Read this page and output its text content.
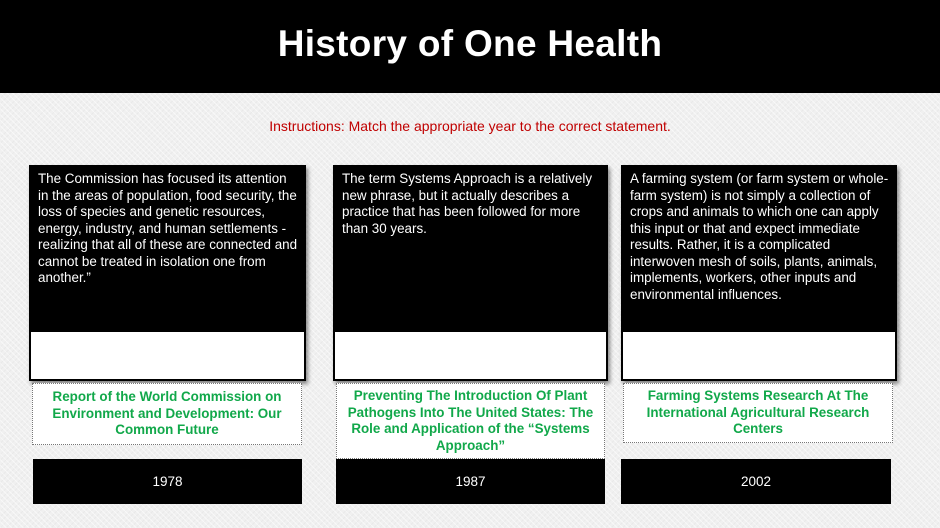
History of One Health
Instructions: Match the appropriate year to the correct statement.
The Commission has focused its attention in the areas of population, food security, the loss of species and genetic resources, energy, industry, and human settlements - realizing that all of these are connected and cannot be treated in isolation one from another.”
Report of the World Commission on Environment and Development: Our Common Future
1978
The term Systems Approach is a relatively new phrase, but it actually describes a practice that has been followed for more than 30 years.
Preventing The Introduction Of Plant Pathogens Into The United States: The Role and Application of the “Systems Approach”
1987
A farming system (or farm system or whole-farm system) is not simply a collection of crops and animals to which one can apply this input or that and expect immediate results. Rather, it is a complicated interwoven mesh of soils, plants, animals, implements, workers, other inputs and environmental influences.
Farming Systems Research At The International Agricultural Research Centers
2002
